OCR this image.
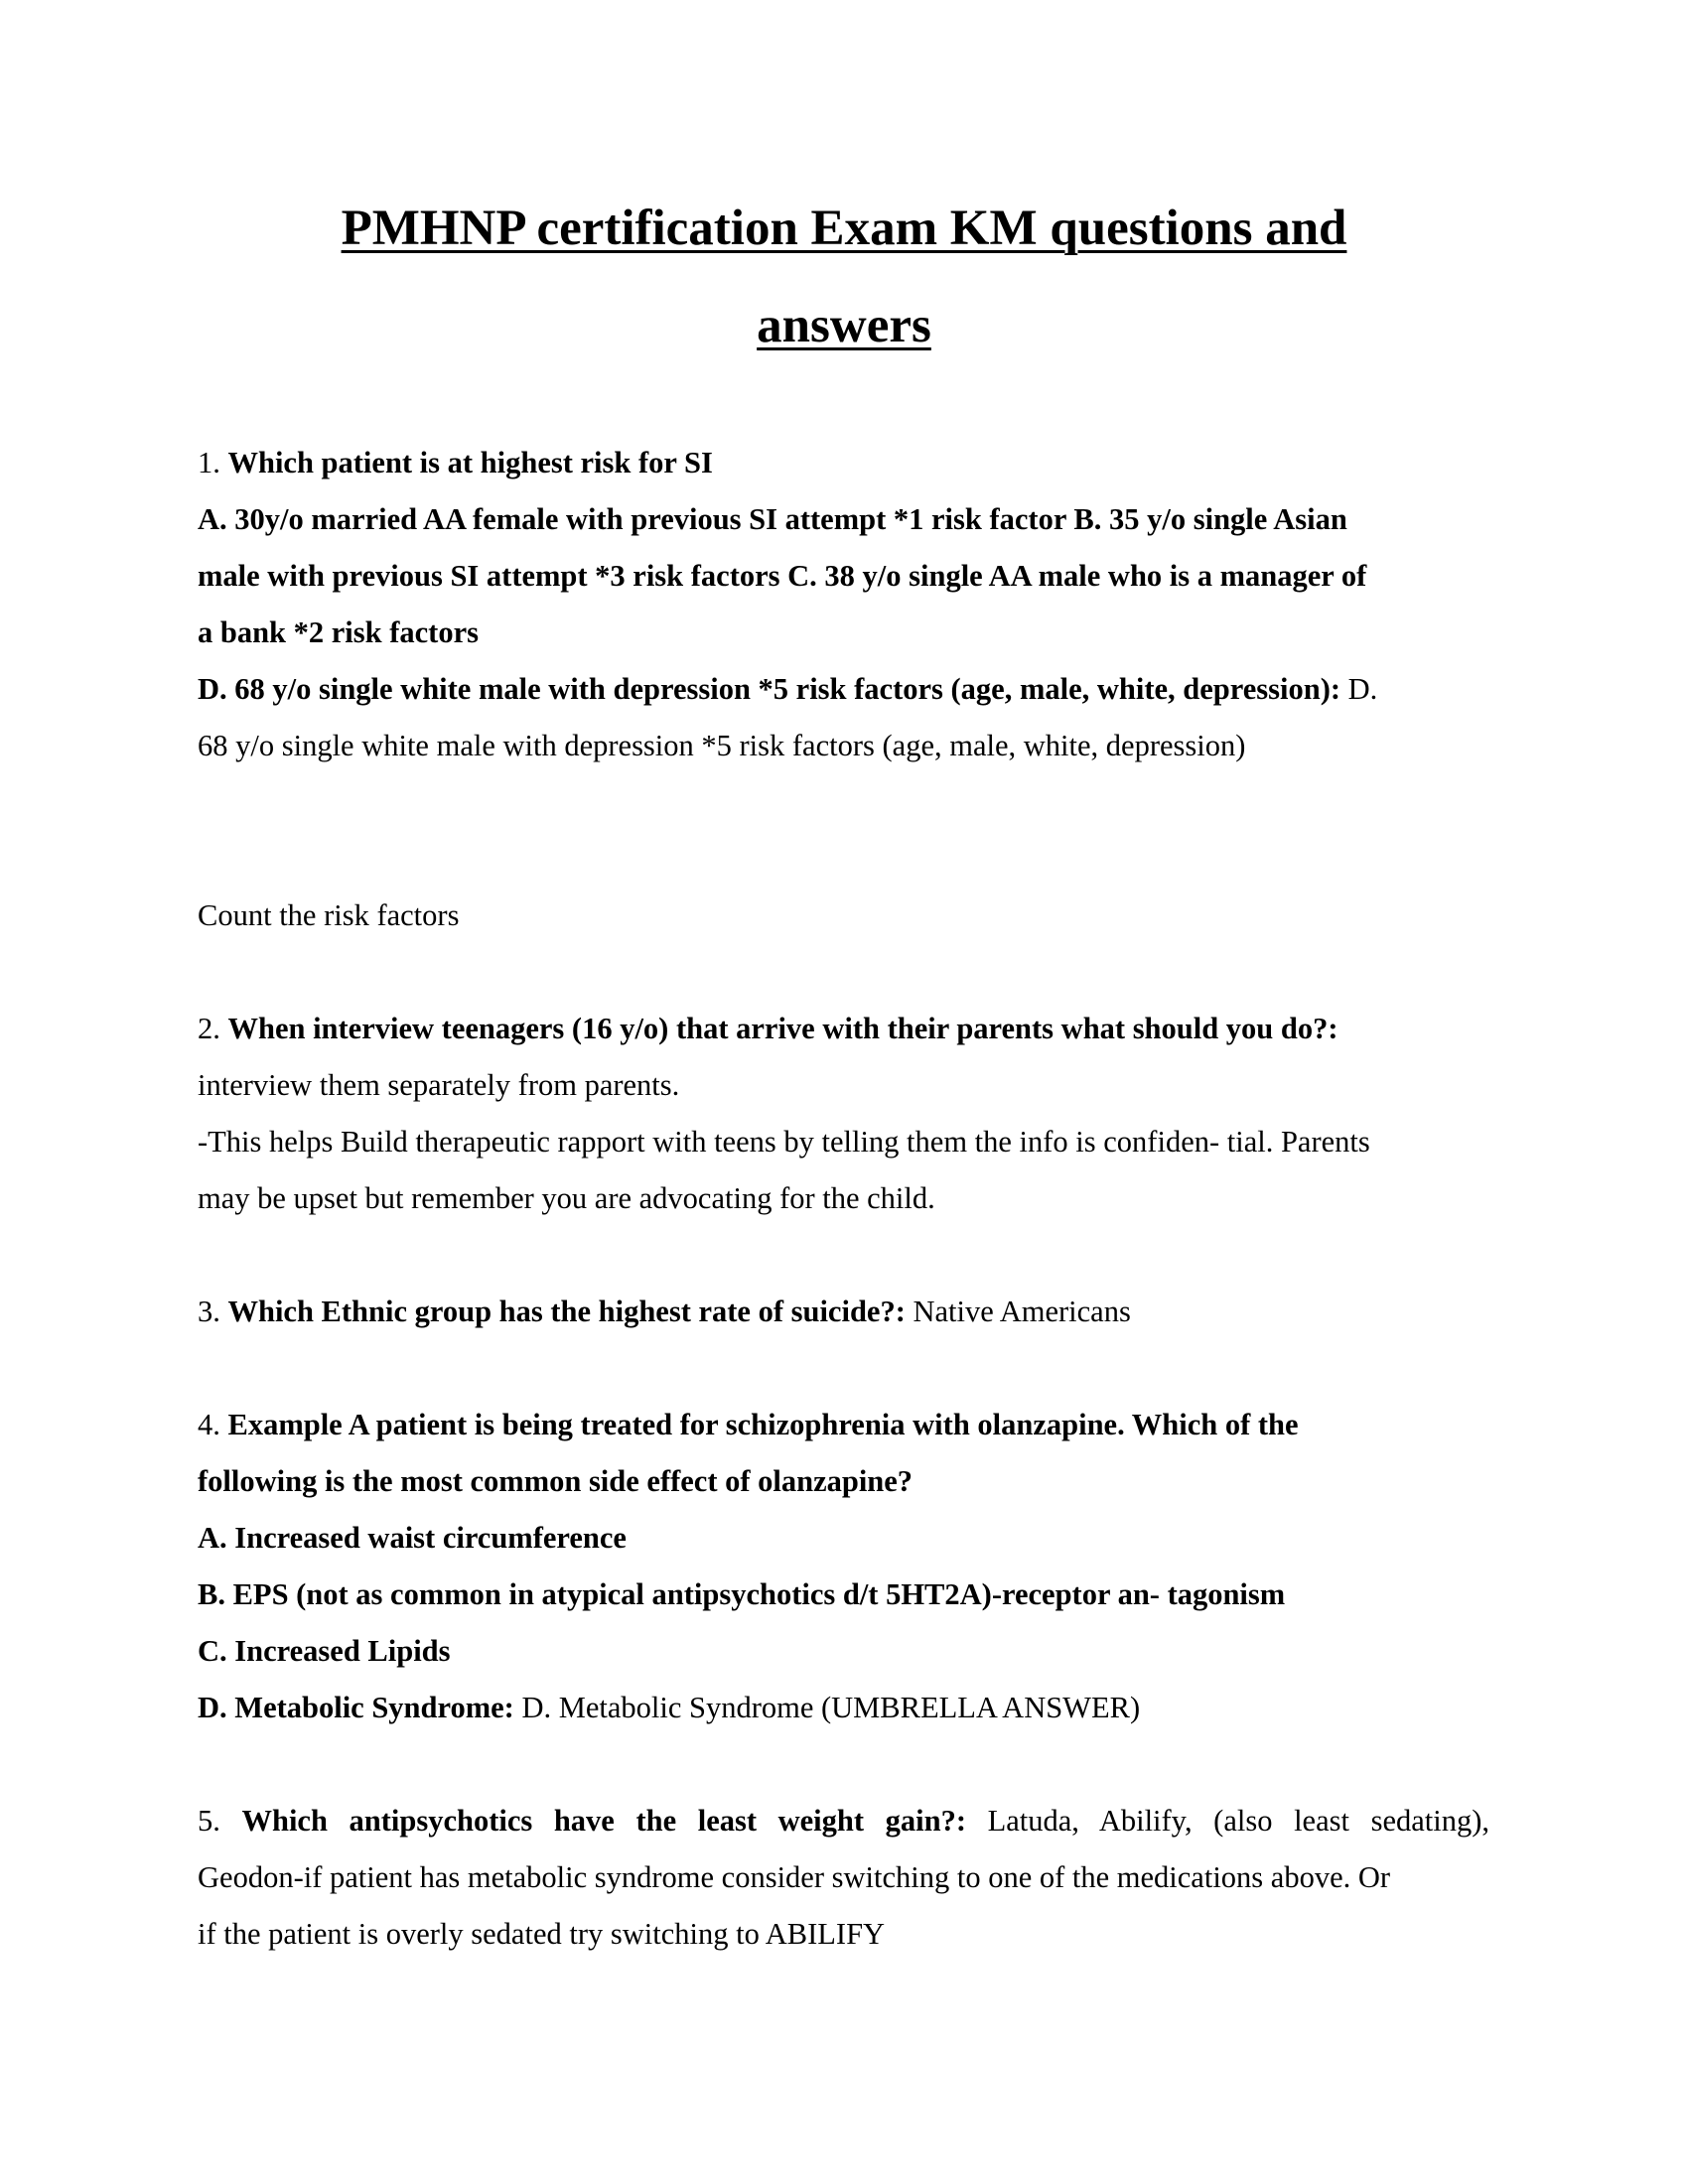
PMHNP certification Exam KM questions and
answers

1. Which patient is at highest risk for SI

A. 30y/o married AA female with previous SI attempt *1 risk factor B. 35 y/o single Asian

male with previous SI attempt *3 risk factors C. 38 y/o single AA male who is a manager of

a bank *2 risk factors

D. 68 y/o single white male with depression *5 risk factors (age, male, white, depression): D.

68 y/o single white male with depression *5 risk factors (age, male, white, depression)

Count the risk factors

2. When interview teenagers (16 y/o) that arrive with their parents what should you do?:

interview them separately from parents.

-This helps Build therapeutic rapport with teens by telling them the info is confiden- tial. Parents

may be upset but remember you are advocating for the child.

3. Which Ethnic group has the highest rate of suicide?: Native Americans

4. Example A patient is being treated for schizophrenia with olanzapine. Which of the

following is the most common side effect of olanzapine?

A. Increased waist circumference

B. EPS (not as common in atypical antipsychotics d/t 5HT2A)-receptor an- tagonism

C. Increased Lipids

D. Metabolic Syndrome: D. Metabolic Syndrome (UMBRELLA ANSWER)

5. Which antipsychotics have the least weight gain?: Latuda, Abilify, (also least sedating),

Geodon-if patient has metabolic syndrome consider switching to one of the medications above. Or

if the patient is overly sedated try switching to ABILIFY
